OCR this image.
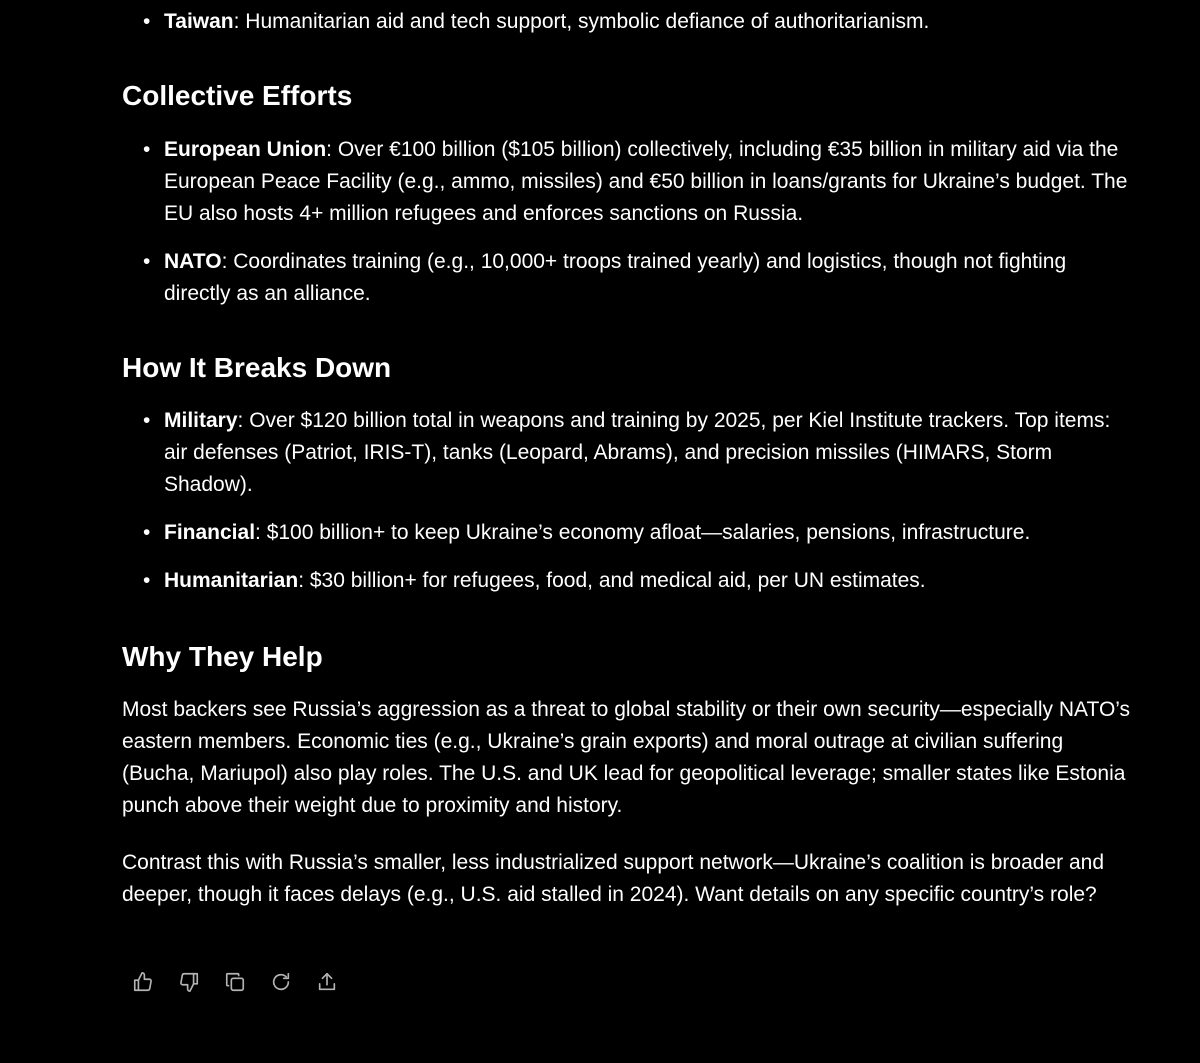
• Taiwan: Humanitarian aid and tech support, symbolic defiance of authoritarianism.
Collective Efforts
• European Union: Over €100 billion ($105 billion) collectively, including €35 billion in military aid via the European Peace Facility (e.g., ammo, missiles) and €50 billion in loans/grants for Ukraine’s budget. The EU also hosts 4+ million refugees and enforces sanctions on Russia.
• NATO: Coordinates training (e.g., 10,000+ troops trained yearly) and logistics, though not fighting directly as an alliance.
How It Breaks Down
• Military: Over $120 billion total in weapons and training by 2025, per Kiel Institute trackers. Top items: air defenses (Patriot, IRIS-T), tanks (Leopard, Abrams), and precision missiles (HIMARS, Storm Shadow).
• Financial: $100 billion+ to keep Ukraine’s economy afloat—salaries, pensions, infrastructure.
• Humanitarian: $30 billion+ for refugees, food, and medical aid, per UN estimates.
Why They Help

Most backers see Russia’s aggression as a threat to global stability or their own security—especially NATO’s eastern members. Economic ties (e.g., Ukraine’s grain exports) and moral outrage at civilian suffering (Bucha, Mariupol) also play roles. The U.S. and UK lead for geopolitical leverage; smaller states like Estonia punch above their weight due to proximity and history.

Contrast this with Russia’s smaller, less industrialized support network—Ukraine’s coalition is broader and deeper, though it faces delays (e.g., U.S. aid stalled in 2024). Want details on any specific country’s role?
